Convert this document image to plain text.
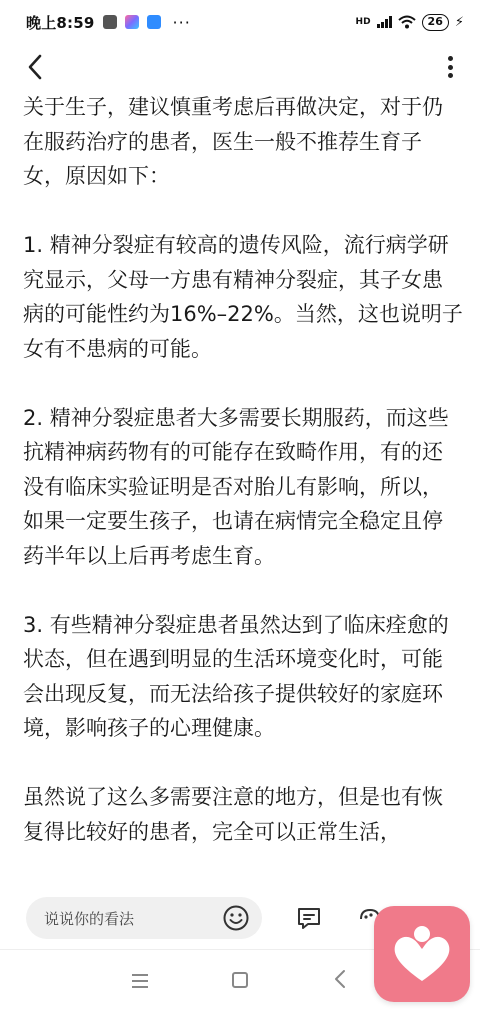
晚上8:59	···	HD	26 ⚡

关于生子，建议慎重考虑后再做决定，对于仍在服药治疗的患者，医生一般不推荐生育子女，原因如下：

1. 精神分裂症有较高的遗传风险，流行病学研究显示，父母一方患有精神分裂症，其子女患病的可能性约为16%–22%。当然，这也说明子女有不患病的可能。

2. 精神分裂症患者大多需要长期服药，而这些抗精神病药物有的可能存在致畸作用，有的还没有临床实验证明是否对胎儿有影响，所以，如果一定要生孩子，也请在病情完全稳定且停药半年以上后再考虑生育。

3. 有些精神分裂症患者虽然达到了临床痊愈的状态，但在遇到明显的生活环境变化时，可能会出现反复，而无法给孩子提供较好的家庭环境，影响孩子的心理健康。

虽然说了这么多需要注意的地方，但是也有恢复得比较好的患者，完全可以正常生活，

说说你的看法
